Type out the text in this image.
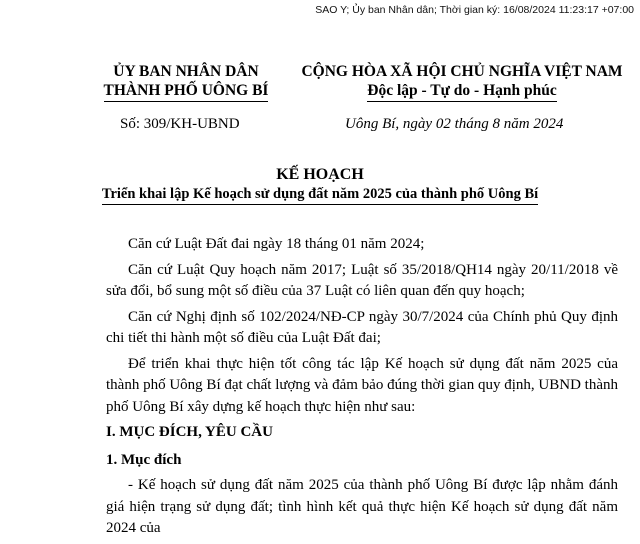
SAO Y; Ủy ban Nhân dân; Thời gian ký: 16/08/2024 11:23:17 +07:00
ỦY BAN NHÂN DÂN
THÀNH PHỐ UÔNG BÍ
CỘNG HÒA XÃ HỘI CHỦ NGHĨA VIỆT NAM
Độc lập - Tự do - Hạnh phúc
Số: 309/KH-UBND	Uông Bí, ngày 02 tháng 8 năm 2024
KẾ HOẠCH
Triển khai lập Kế hoạch sử dụng đất năm 2025 của thành phố Uông Bí

Căn cứ Luật Đất đai ngày 18 tháng 01 năm 2024;

Căn cứ Luật Quy hoạch năm 2017; Luật số 35/2018/QH14 ngày 20/11/2018 về sửa đổi, bổ sung một số điều của 37 Luật có liên quan đến quy hoạch;

Căn cứ Nghị định số 102/2024/NĐ-CP ngày 30/7/2024 của Chính phủ Quy định chi tiết thi hành một số điều của Luật Đất đai;

Để triển khai thực hiện tốt công tác lập Kế hoạch sử dụng đất năm 2025 của thành phố Uông Bí đạt chất lượng và đảm bảo đúng thời gian quy định, UBND thành phố Uông Bí xây dựng kế hoạch thực hiện như sau:

I. MỤC ĐÍCH, YÊU CẦU
1. Mục đích

- Kế hoạch sử dụng đất năm 2025 của thành phố Uông Bí được lập nhằm đánh giá hiện trạng sử dụng đất; tình hình kết quả thực hiện Kế hoạch sử dụng đất năm 2024 của
